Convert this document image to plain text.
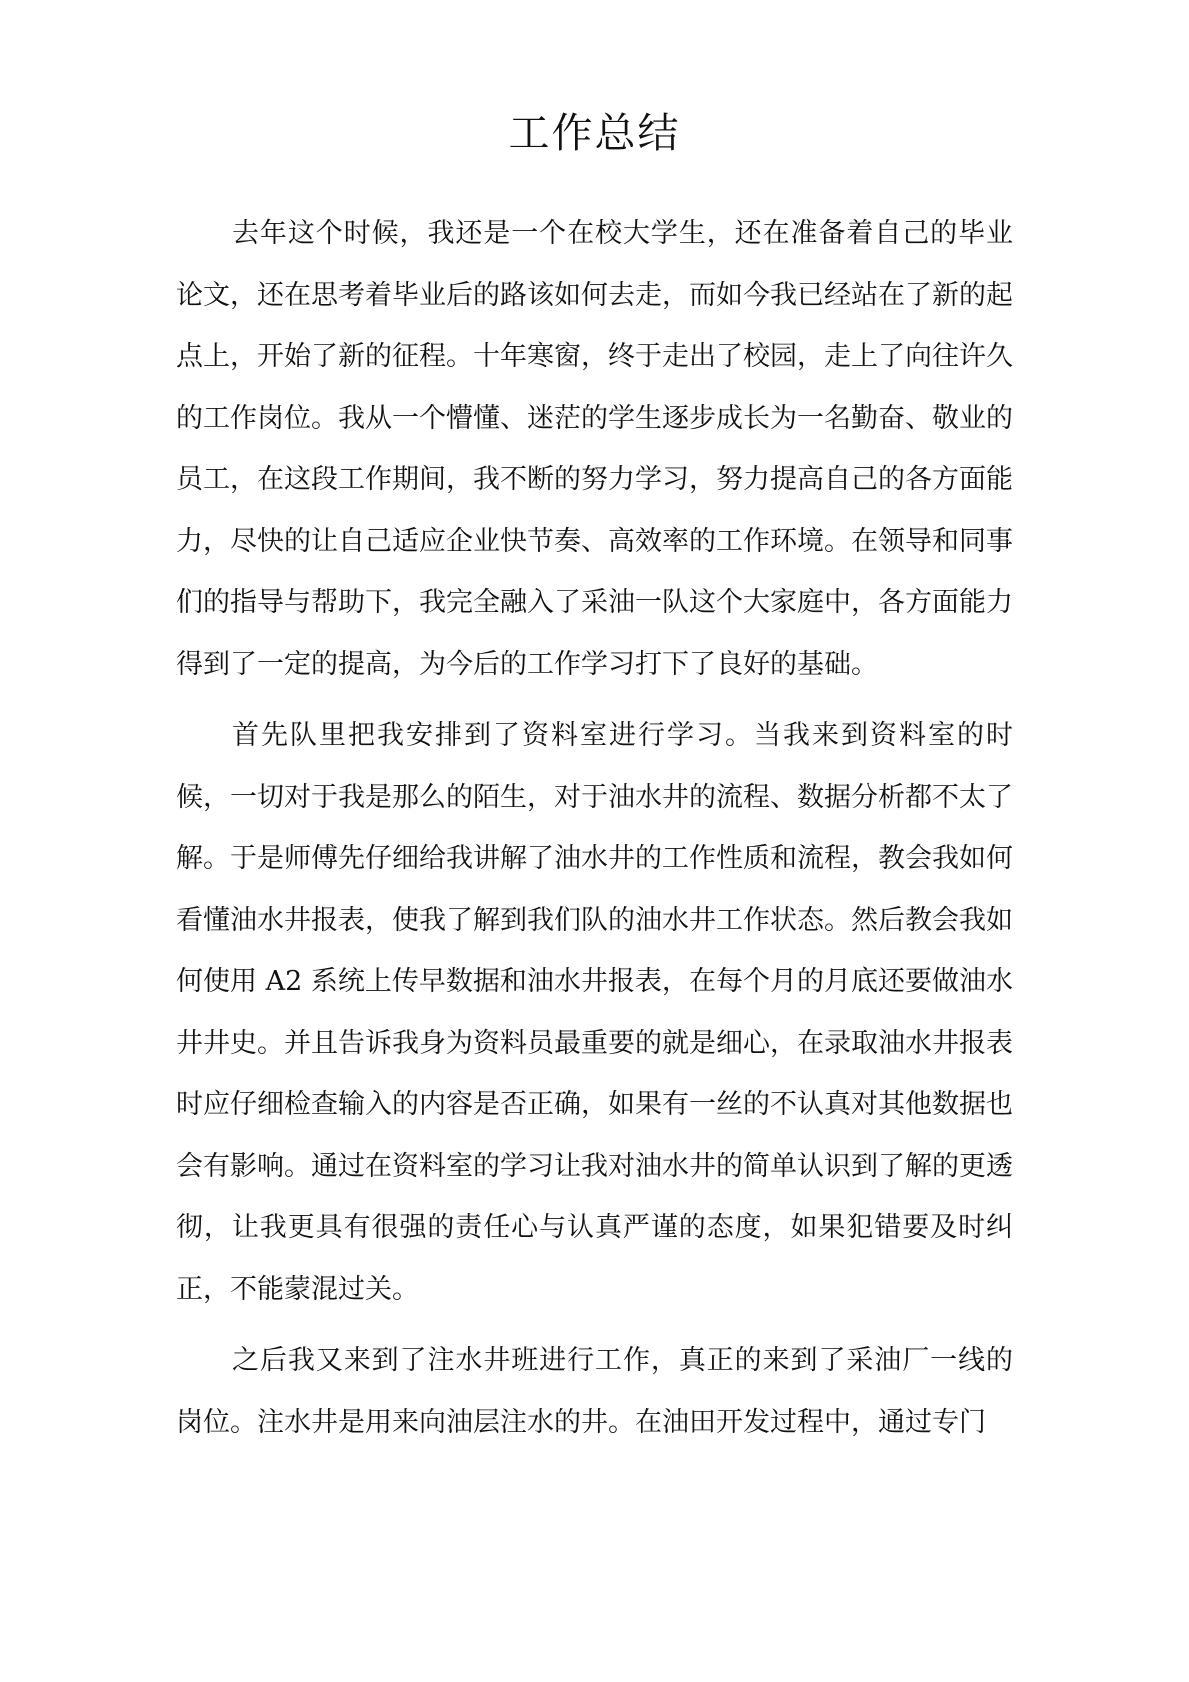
工作总结

去年这个时候，我还是一个在校大学生，还在准备着自己的毕业论文，还在思考着毕业后的路该如何去走，而如今我已经站在了新的起点上，开始了新的征程。十年寒窗，终于走出了校园，走上了向往许久的工作岗位。我从一个懵懂、迷茫的学生逐步成长为一名勤奋、敬业的员工，在这段工作期间，我不断的努力学习，努力提高自己的各方面能力，尽快的让自己适应企业快节奏、高效率的工作环境。在领导和同事们的指导与帮助下，我完全融入了采油一队这个大家庭中，各方面能力得到了一定的提高，为今后的工作学习打下了良好的基础。

首先队里把我安排到了资料室进行学习。当我来到资料室的时候，一切对于我是那么的陌生，对于油水井的流程、数据分析都不太了解。于是师傅先仔细给我讲解了油水井的工作性质和流程，教会我如何看懂油水井报表，使我了解到我们队的油水井工作状态。然后教会我如何使用 A2 系统上传早数据和油水井报表，在每个月的月底还要做油水井井史。并且告诉我身为资料员最重要的就是细心，在录取油水井报表时应仔细检查输入的内容是否正确，如果有一丝的不认真对其他数据也会有影响。通过在资料室的学习让我对油水井的简单认识到了解的更透彻，让我更具有很强的责任心与认真严谨的态度，如果犯错要及时纠正，不能蒙混过关。

之后我又来到了注水井班进行工作，真正的来到了采油厂一线的岗位。注水井是用来向油层注水的井。在油田开发过程中，通过专门
